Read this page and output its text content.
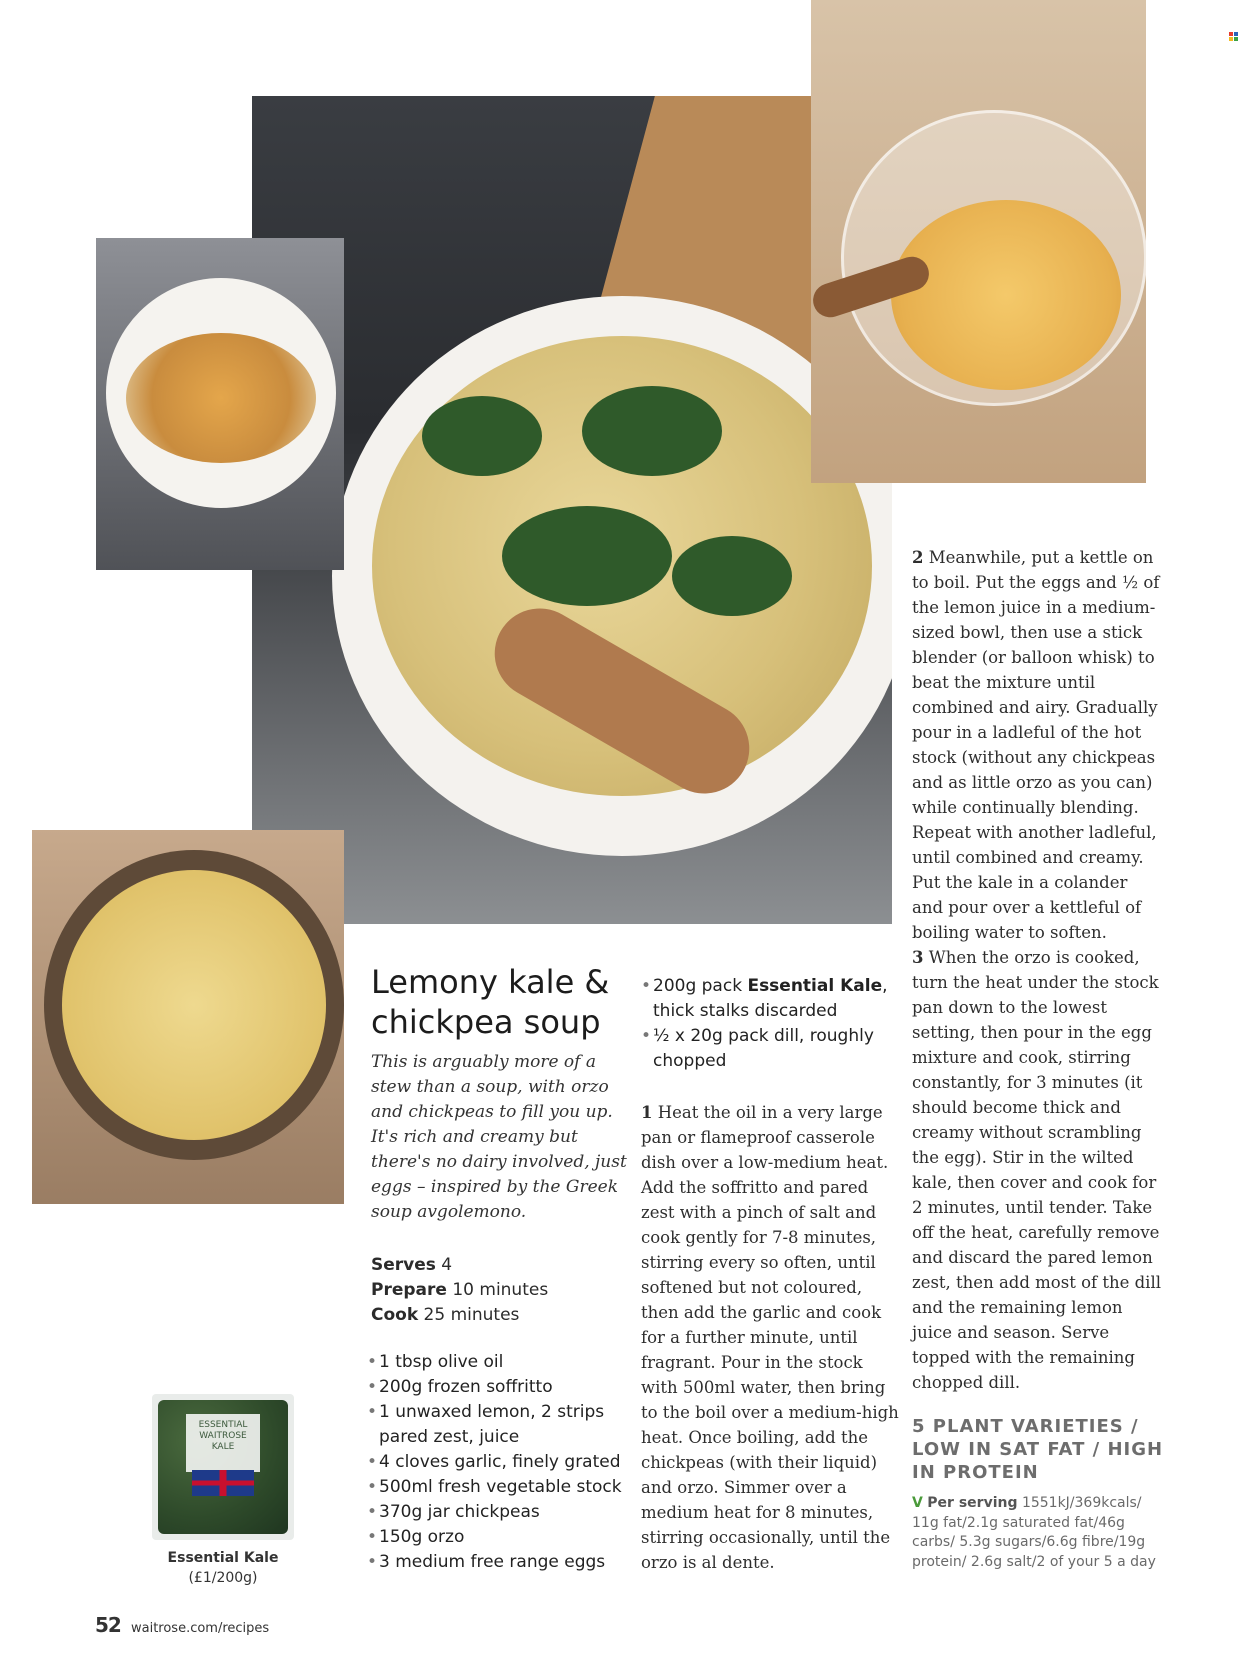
ESSENTIAL
WAITROSE
KALE
Essential Kale
(£1/200g)
Lemony kale & chickpea soup

This is arguably more of a stew than a soup, with orzo and chickpeas to fill you up. It's rich and creamy but there's no dairy involved, just eggs – inspired by the Greek soup avgolemono.

Serves 4
Prepare 10 minutes
Cook 25 minutes
• 1 tbsp olive oil
• 200g frozen soffritto
• 1 unwaxed lemon, 2 strips pared zest, juice
• 4 cloves garlic, finely grated
• 500ml fresh vegetable stock
• 370g jar chickpeas
• 150g orzo
• 3 medium free range eggs
• 200g pack Essential Kale, thick stalks discarded
• ½ x 20g pack dill, roughly chopped

1 Heat the oil in a very large pan or flameproof casserole dish over a low-medium heat. Add the soffritto and pared zest with a pinch of salt and cook gently for 7-8 minutes, stirring every so often, until softened but not coloured, then add the garlic and cook for a further minute, until fragrant. Pour in the stock with 500ml water, then bring to the boil over a medium-high heat. Once boiling, add the chickpeas (with their liquid) and orzo. Simmer over a medium heat for 8 minutes, stirring occasionally, until the orzo is al dente.

2 Meanwhile, put a kettle on to boil. Put the eggs and ½ of the lemon juice in a medium-sized bowl, then use a stick blender (or balloon whisk) to beat the mixture until combined and airy. Gradually pour in a ladleful of the hot stock (without any chickpeas and as little orzo as you can) while continually blending. Repeat with another ladleful, until combined and creamy. Put the kale in a colander and pour over a kettleful of boiling water to soften.

3 When the orzo is cooked, turn the heat under the stock pan down to the lowest setting, then pour in the egg mixture and cook, stirring constantly, for 3 minutes (it should become thick and creamy without scrambling the egg). Stir in the wilted kale, then cover and cook for 2 minutes, until tender. Take off the heat, carefully remove and discard the pared lemon zest, then add most of the dill and the remaining lemon juice and season. Serve topped with the remaining chopped dill.

5 PLANT VARIETIES / LOW IN SAT FAT / HIGH IN PROTEIN
V Per serving 1551kJ/369kcals/ 11g fat/2.1g saturated fat/46g carbs/ 5.3g sugars/6.6g fibre/19g protein/ 2.6g salt/2 of your 5 a day
52 waitrose.com/recipes
